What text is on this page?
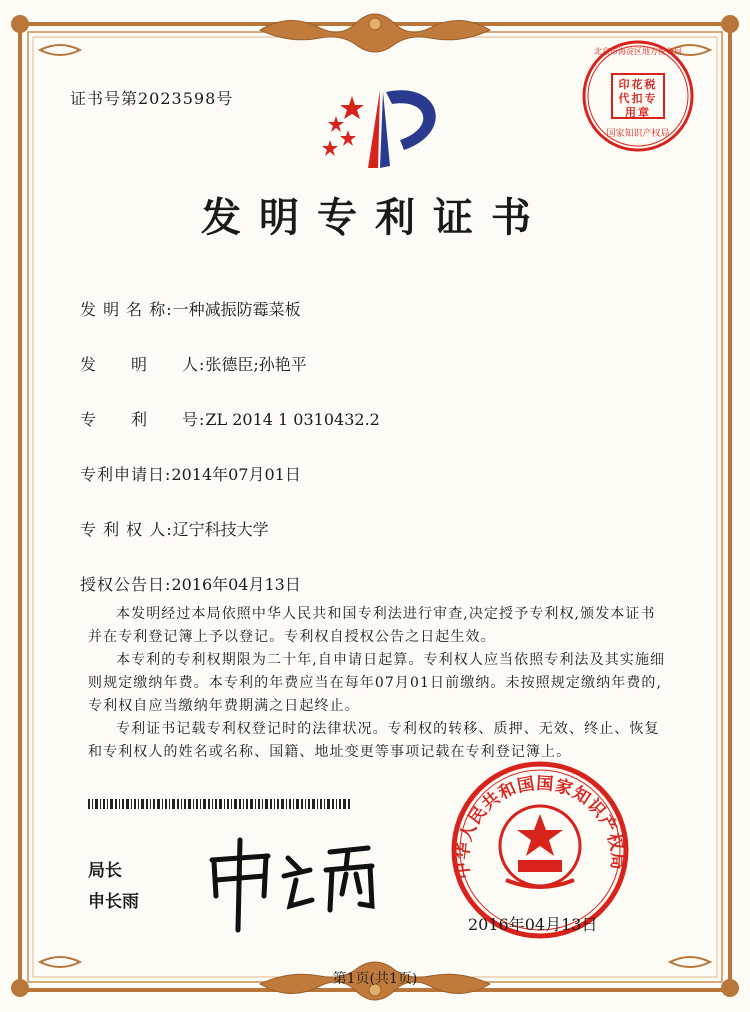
证书号第2023598号

发明专利证书
印花税代扣专用章
北京市海淀区地方税务局
国家知识产权局
发 明 名 称:一种减振防霉菜板
发　　明　　人:张德臣;孙艳平
专　　利　　号:ZL 2014 1 0310432.2
专利申请日:2014年07月01日
专 利 权 人:辽宁科技大学
授权公告日:2016年04月13日

本发明经过本局依照中华人民共和国专利法进行审查,决定授予专利权,颁发本证书并在专利登记簿上予以登记。专利权自授权公告之日起生效。

本专利的专利权期限为二十年,自申请日起算。专利权人应当依照专利法及其实施细则规定缴纳年费。本专利的年费应当在每年07月01日前缴纳。未按照规定缴纳年费的,专利权自应当缴纳年费期满之日起终止。

专利证书记载专利权登记时的法律状况。专利权的转移、质押、无效、终止、恢复和专利权人的姓名或名称、国籍、地址变更等事项记载在专利登记簿上。

局长
申长雨
中华人民共和国国家知识产权局
2016年04月13日
第1页(共1页)
